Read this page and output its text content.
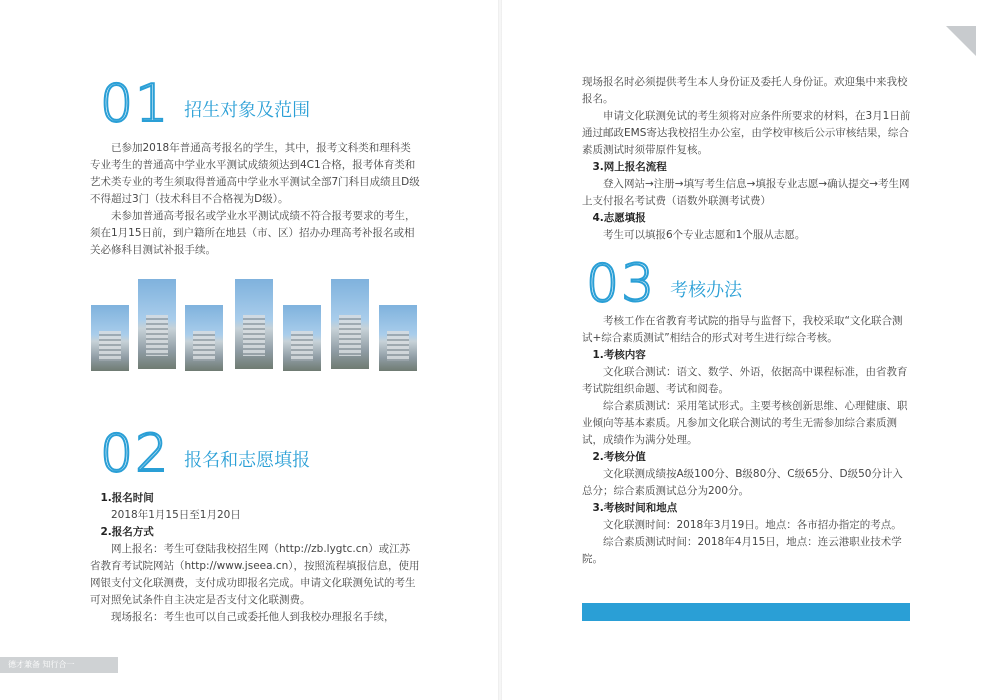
01 招生对象及范围

已参加2018年普通高考报名的学生，其中，报考文科类和理科类专业考生的普通高中学业水平测试成绩须达到4C1合格，报考体育类和艺术类专业的考生须取得普通高中学业水平测试全部7门科目成绩且D级不得超过3门（技术科目不合格视为D级）。

未参加普通高考报名或学业水平测试成绩不符合报考要求的考生，须在1月15日前，到户籍所在地县（市、区）招办办理高考补报名或相关必修科目测试补报手续。

02 报名和志愿填报

1.报名时间

2018年1月15日至1月20日

2.报名方式

网上报名：考生可登陆我校招生网（http://zb.lygtc.cn）或江苏省教育考试院网站（http://www.jseea.cn），按照流程填报信息，使用网银支付文化联测费，支付成功即报名完成。申请文化联测免试的考生可对照免试条件自主决定是否支付文化联测费。

现场报名：考生也可以自己或委托他人到我校办理报名手续，

现场报名时必须提供考生本人身份证及委托人身份证。欢迎集中来我校报名。

申请文化联测免试的考生须将对应条件所要求的材料，在3月1日前通过邮政EMS寄达我校招生办公室，由学校审核后公示审核结果，综合素质测试时须带原件复核。

3.网上报名流程

登入网站→注册→填写考生信息→填报专业志愿→确认提交→考生网上支付报名考试费（语数外联测考试费）

4.志愿填报

考生可以填报6个专业志愿和1个服从志愿。

03 考核办法

考核工作在省教育考试院的指导与监督下，我校采取“文化联合测试+综合素质测试”相结合的形式对考生进行综合考核。

1.考核内容

文化联合测试：语文、数学、外语，依据高中课程标准，由省教育考试院组织命题、考试和阅卷。

综合素质测试：采用笔试形式。主要考核创新思维、心理健康、职业倾向等基本素质。凡参加文化联合测试的考生无需参加综合素质测试，成绩作为满分处理。

2.考核分值

文化联测成绩按A级100分、B级80分、C级65分、D级50分计入总分；综合素质测试总分为200分。

3.考核时间和地点

文化联测时间：2018年3月19日。地点：各市招办指定的考点。

综合素质测试时间：2018年4月15日，地点：连云港职业技术学院。

德才兼备 知行合一
